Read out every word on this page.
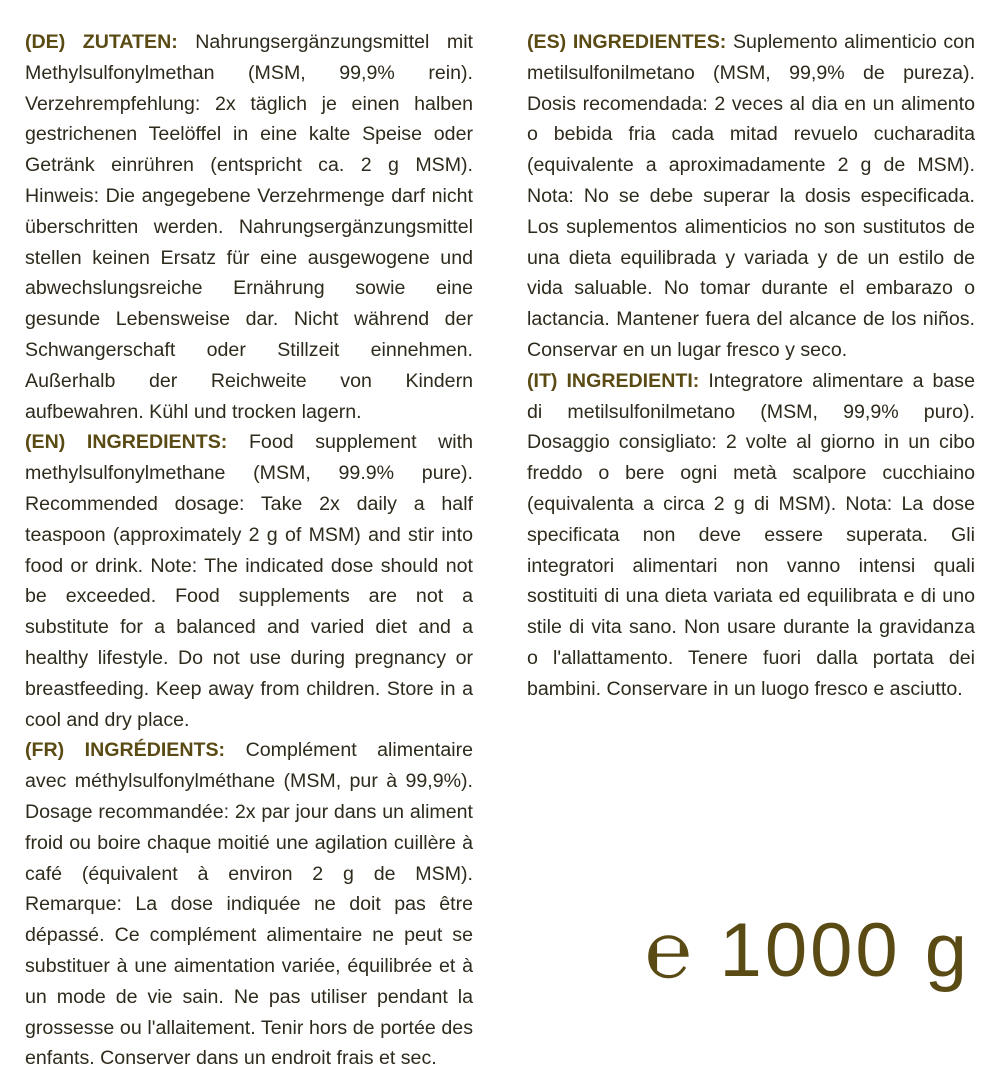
(DE) ZUTATEN: Nahrungsergänzungsmittel mit Methylsulfonylmethan (MSM, 99,9% rein). Verzehrempfehlung: 2x täglich je einen halben gestrichenen Teelöffel in eine kalte Speise oder Getränk einrühren (entspricht ca. 2 g MSM). Hinweis: Die angegebene Verzehrmenge darf nicht überschritten werden. Nahrungsergänzungsmittel stellen keinen Ersatz für eine ausgewogene und abwechslungsreiche Ernährung sowie eine gesunde Lebensweise dar. Nicht während der Schwangerschaft oder Stillzeit einnehmen. Außerhalb der Reichweite von Kindern aufbewahren. Kühl und trocken lagern.

(EN) INGREDIENTS: Food supplement with methylsulfonylmethane (MSM, 99.9% pure). Recommended dosage: Take 2x daily a half teaspoon (approximately 2 g of MSM) and stir into food or drink. Note: The indicated dose should not be exceeded. Food supplements are not a substitute for a balanced and varied diet and a healthy lifestyle. Do not use during pregnancy or breastfeeding. Keep away from children. Store in a cool and dry place.

(FR) INGRÉDIENTS: Complément alimentaire avec méthylsulfonylméthane (MSM, pur à 99,9%). Dosage recommandée: 2x par jour dans un aliment froid ou boire chaque moitié une agilation cuillère à café (équivalent à environ 2 g de MSM). Remarque: La dose indiquée ne doit pas être dépassé. Ce complément alimentaire ne peut se substituer à une aimentation variée, équilibrée et à un mode de vie sain. Ne pas utiliser pendant la grossesse ou l'allaitement. Tenir hors de portée des enfants. Conserver dans un endroit frais et sec.

(ES) INGREDIENTES: Suplemento alimenticio con metilsulfonilmetano (MSM, 99,9% de pureza). Dosis recomendada: 2 veces al dia en un alimento o bebida fria cada mitad revuelo cucharadita (equivalente a aproximadamente 2 g de MSM). Nota: No se debe superar la dosis especificada. Los suplementos alimenticios no son sustitutos de una dieta equilibrada y variada y de un estilo de vida saluable. No tomar durante el embarazo o lactancia. Mantener fuera del alcance de los niños. Conservar en un lugar fresco y seco.

(IT) INGREDIENTI: Integratore alimentare a base di metilsulfonilmetano (MSM, 99,9% puro). Dosaggio consigliato: 2 volte al giorno in un cibo freddo o bere ogni metà scalpore cucchiaino (equivalenta a circa 2 g di MSM). Nota: La dose specificata non deve essere superata. Gli integratori alimentari non vanno intensi quali sostituiti di una dieta variata ed equilibrata e di uno stile di vita sano. Non usare durante la gravidanza o l'allattamento. Tenere fuori dalla portata dei bambini. Conservare in un luogo fresco e asciutto.

℮ 1000 g
